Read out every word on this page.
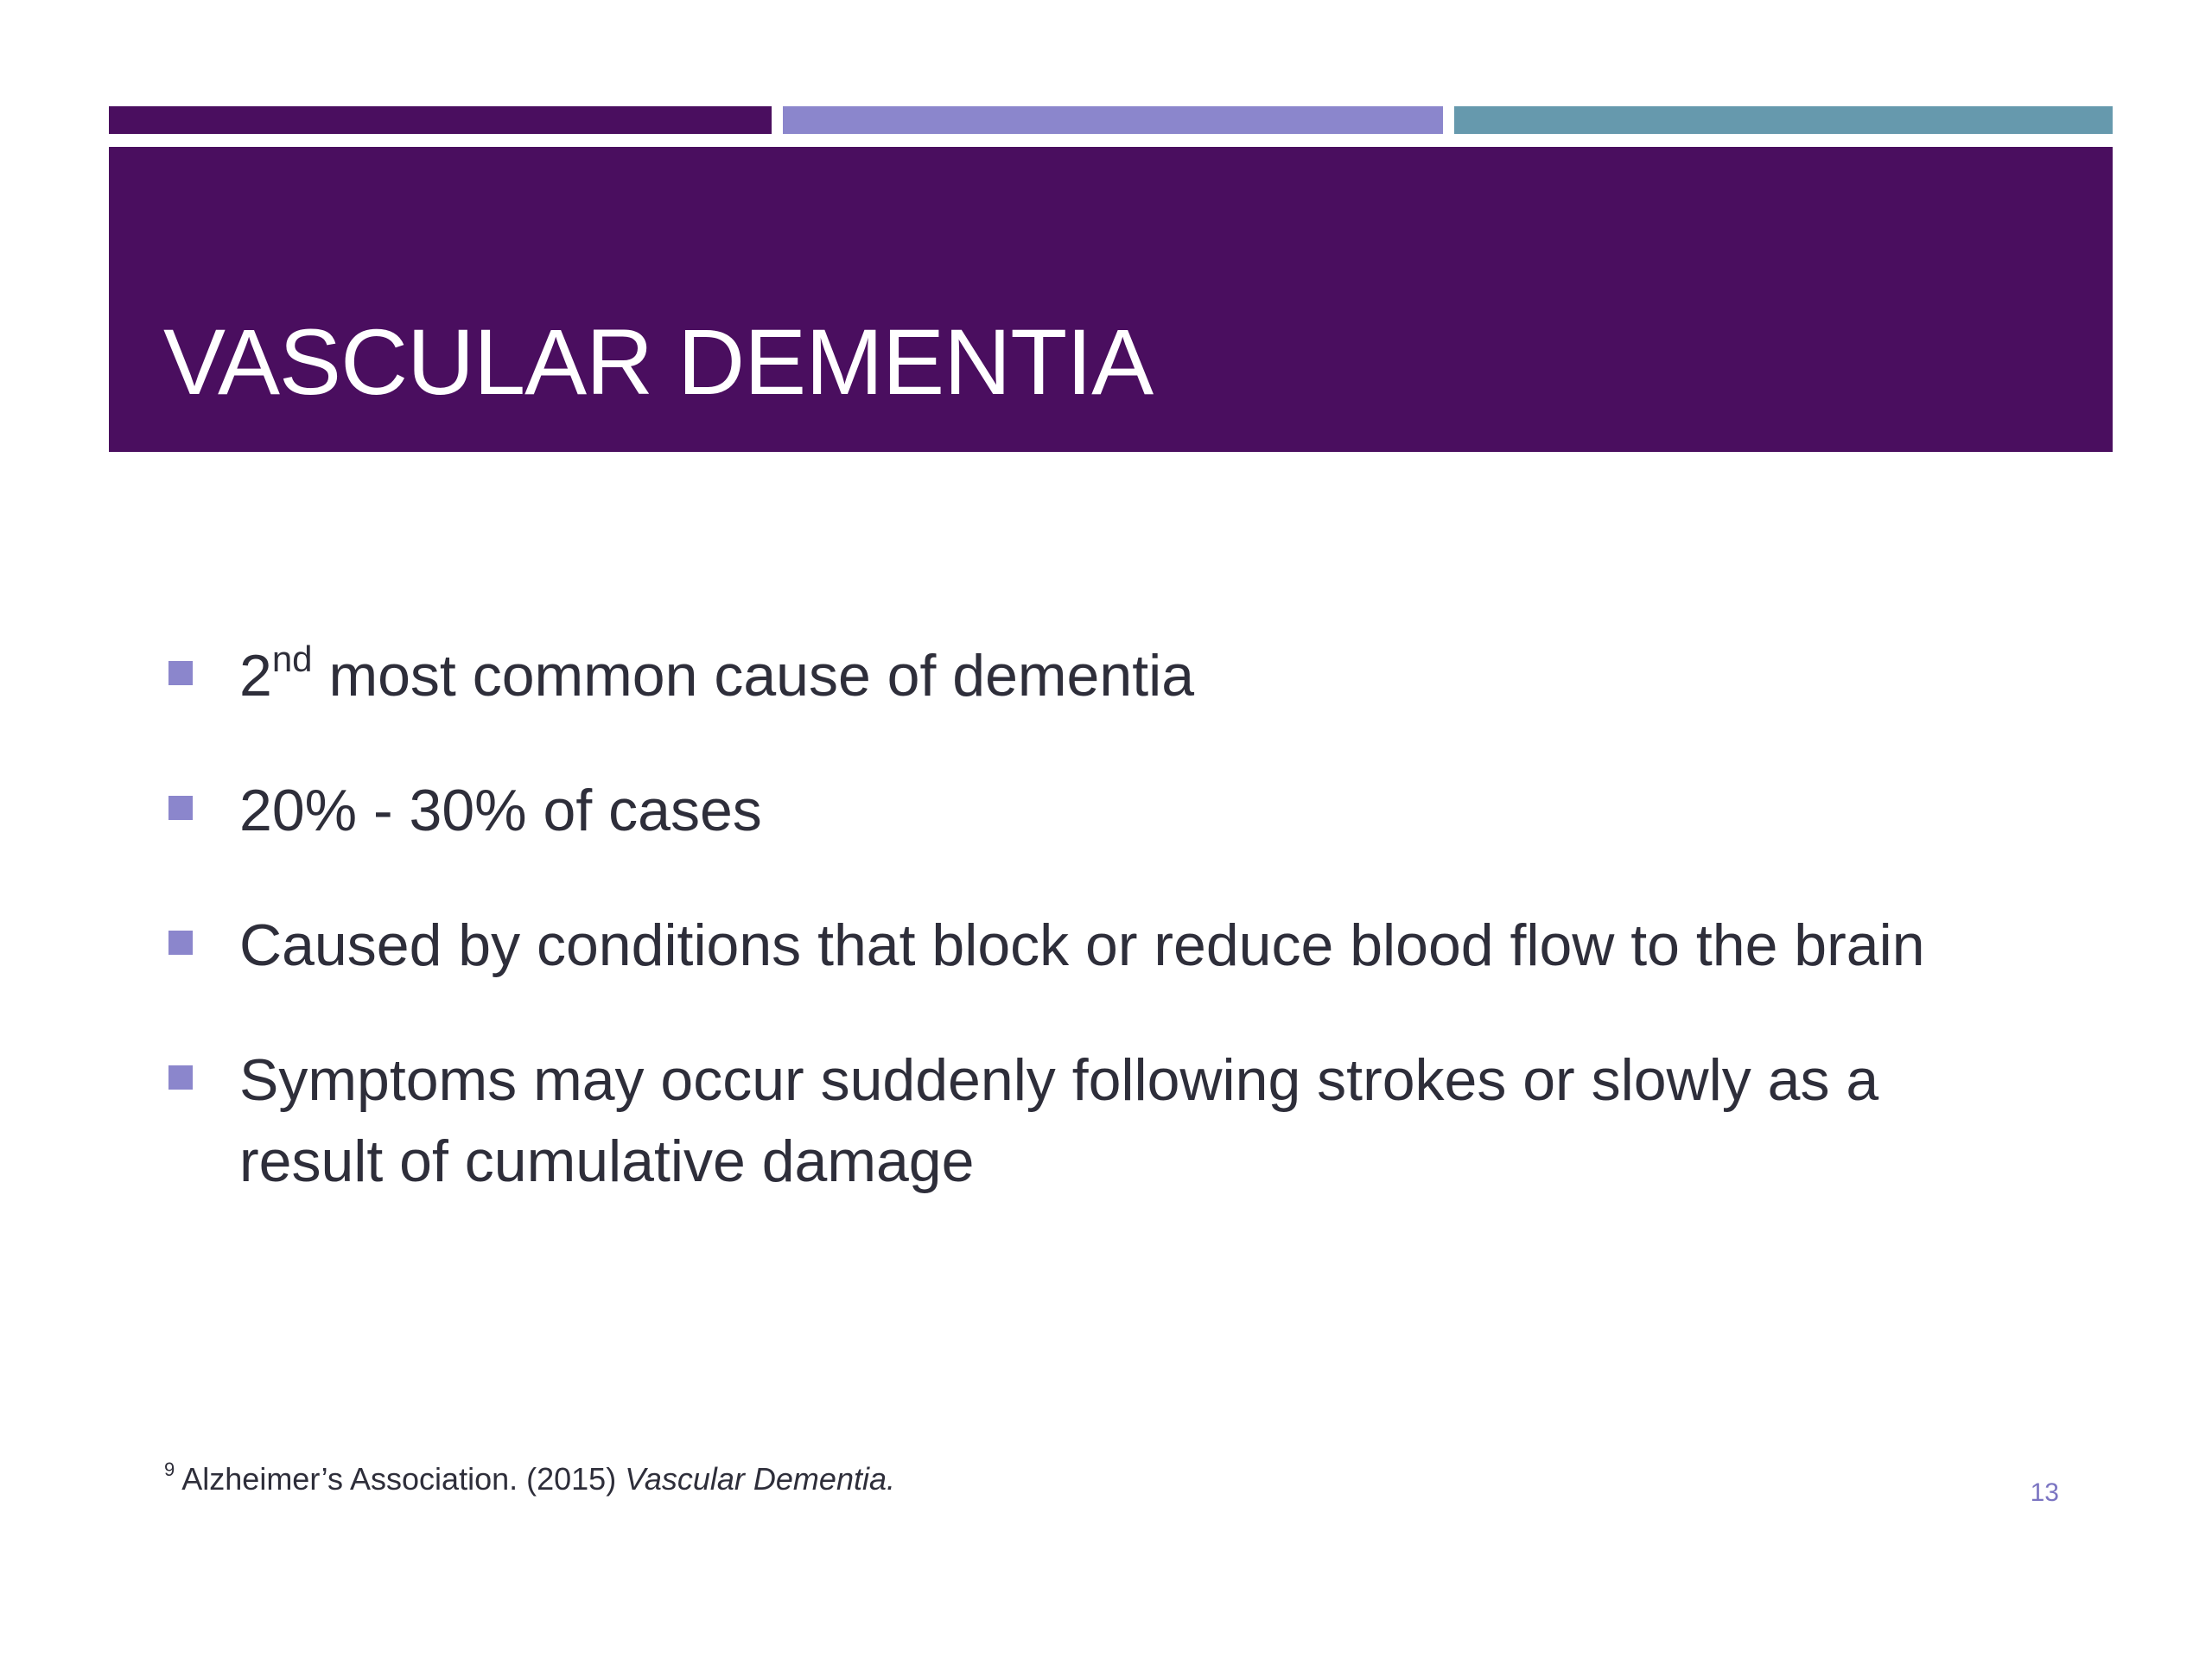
VASCULAR DEMENTIA
2nd most common cause of dementia
20% - 30% of cases
Caused by conditions that block or reduce blood flow to the brain
Symptoms may occur suddenly following strokes or slowly as a result of cumulative damage
$^9$ Alzheimer’s Association. (2015) Vascular Dementia.	13
